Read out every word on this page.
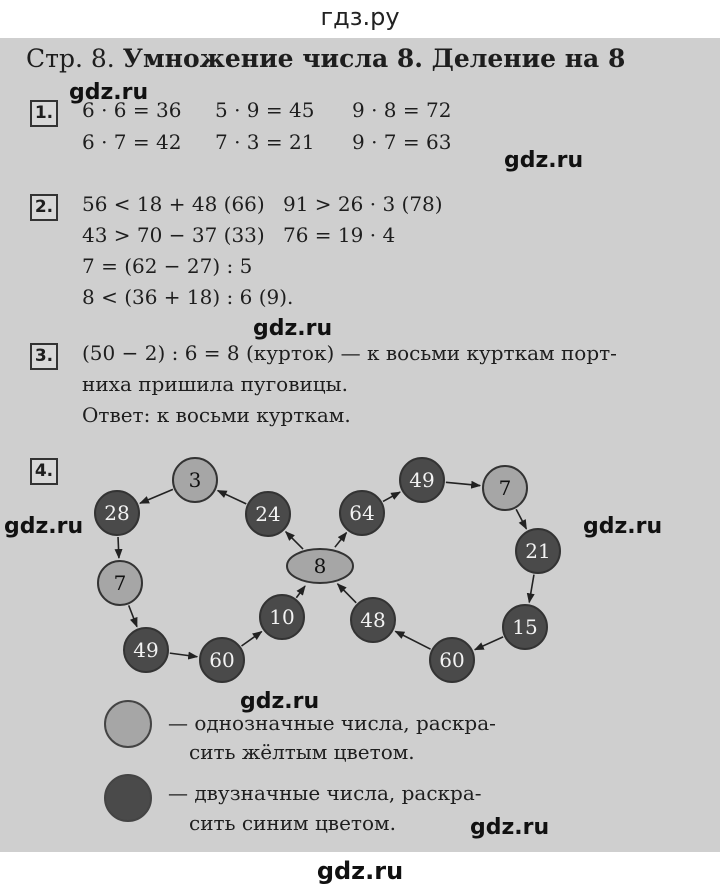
гдз.ру
Стр. 8. Умножение числа 8. Деление на 8
1. 6 · 6 = 36 5 · 9 = 45 9 · 8 = 72
6 · 7 = 42 7 · 3 = 21 9 · 7 = 63
2. 56 < 18 + 48 (66) 91 > 26 · 3 (78)
43 > 70 − 37 (33) 76 = 19 · 4
7 = (62 − 27) : 5
8 < (36 + 18) : 6 (9).
3. (50 − 2) : 6 = 8 (курток) — к восьми курткам порт-
ниха пришила пуговицы.
Ответ: к восьми курткам.
4.
10
60
49
7
28
3
24	64
49	7
21
15
60
48
8
— однозначные числа, раскра-
сить жёлтым цветом.
— двузначные числа, раскра-
сить синим цветом.
gdz.ru
gdz.ru
gdz.ru
gdz.ru	gdz.ru
gdz.ru
gdz.ru
gdz.ru
